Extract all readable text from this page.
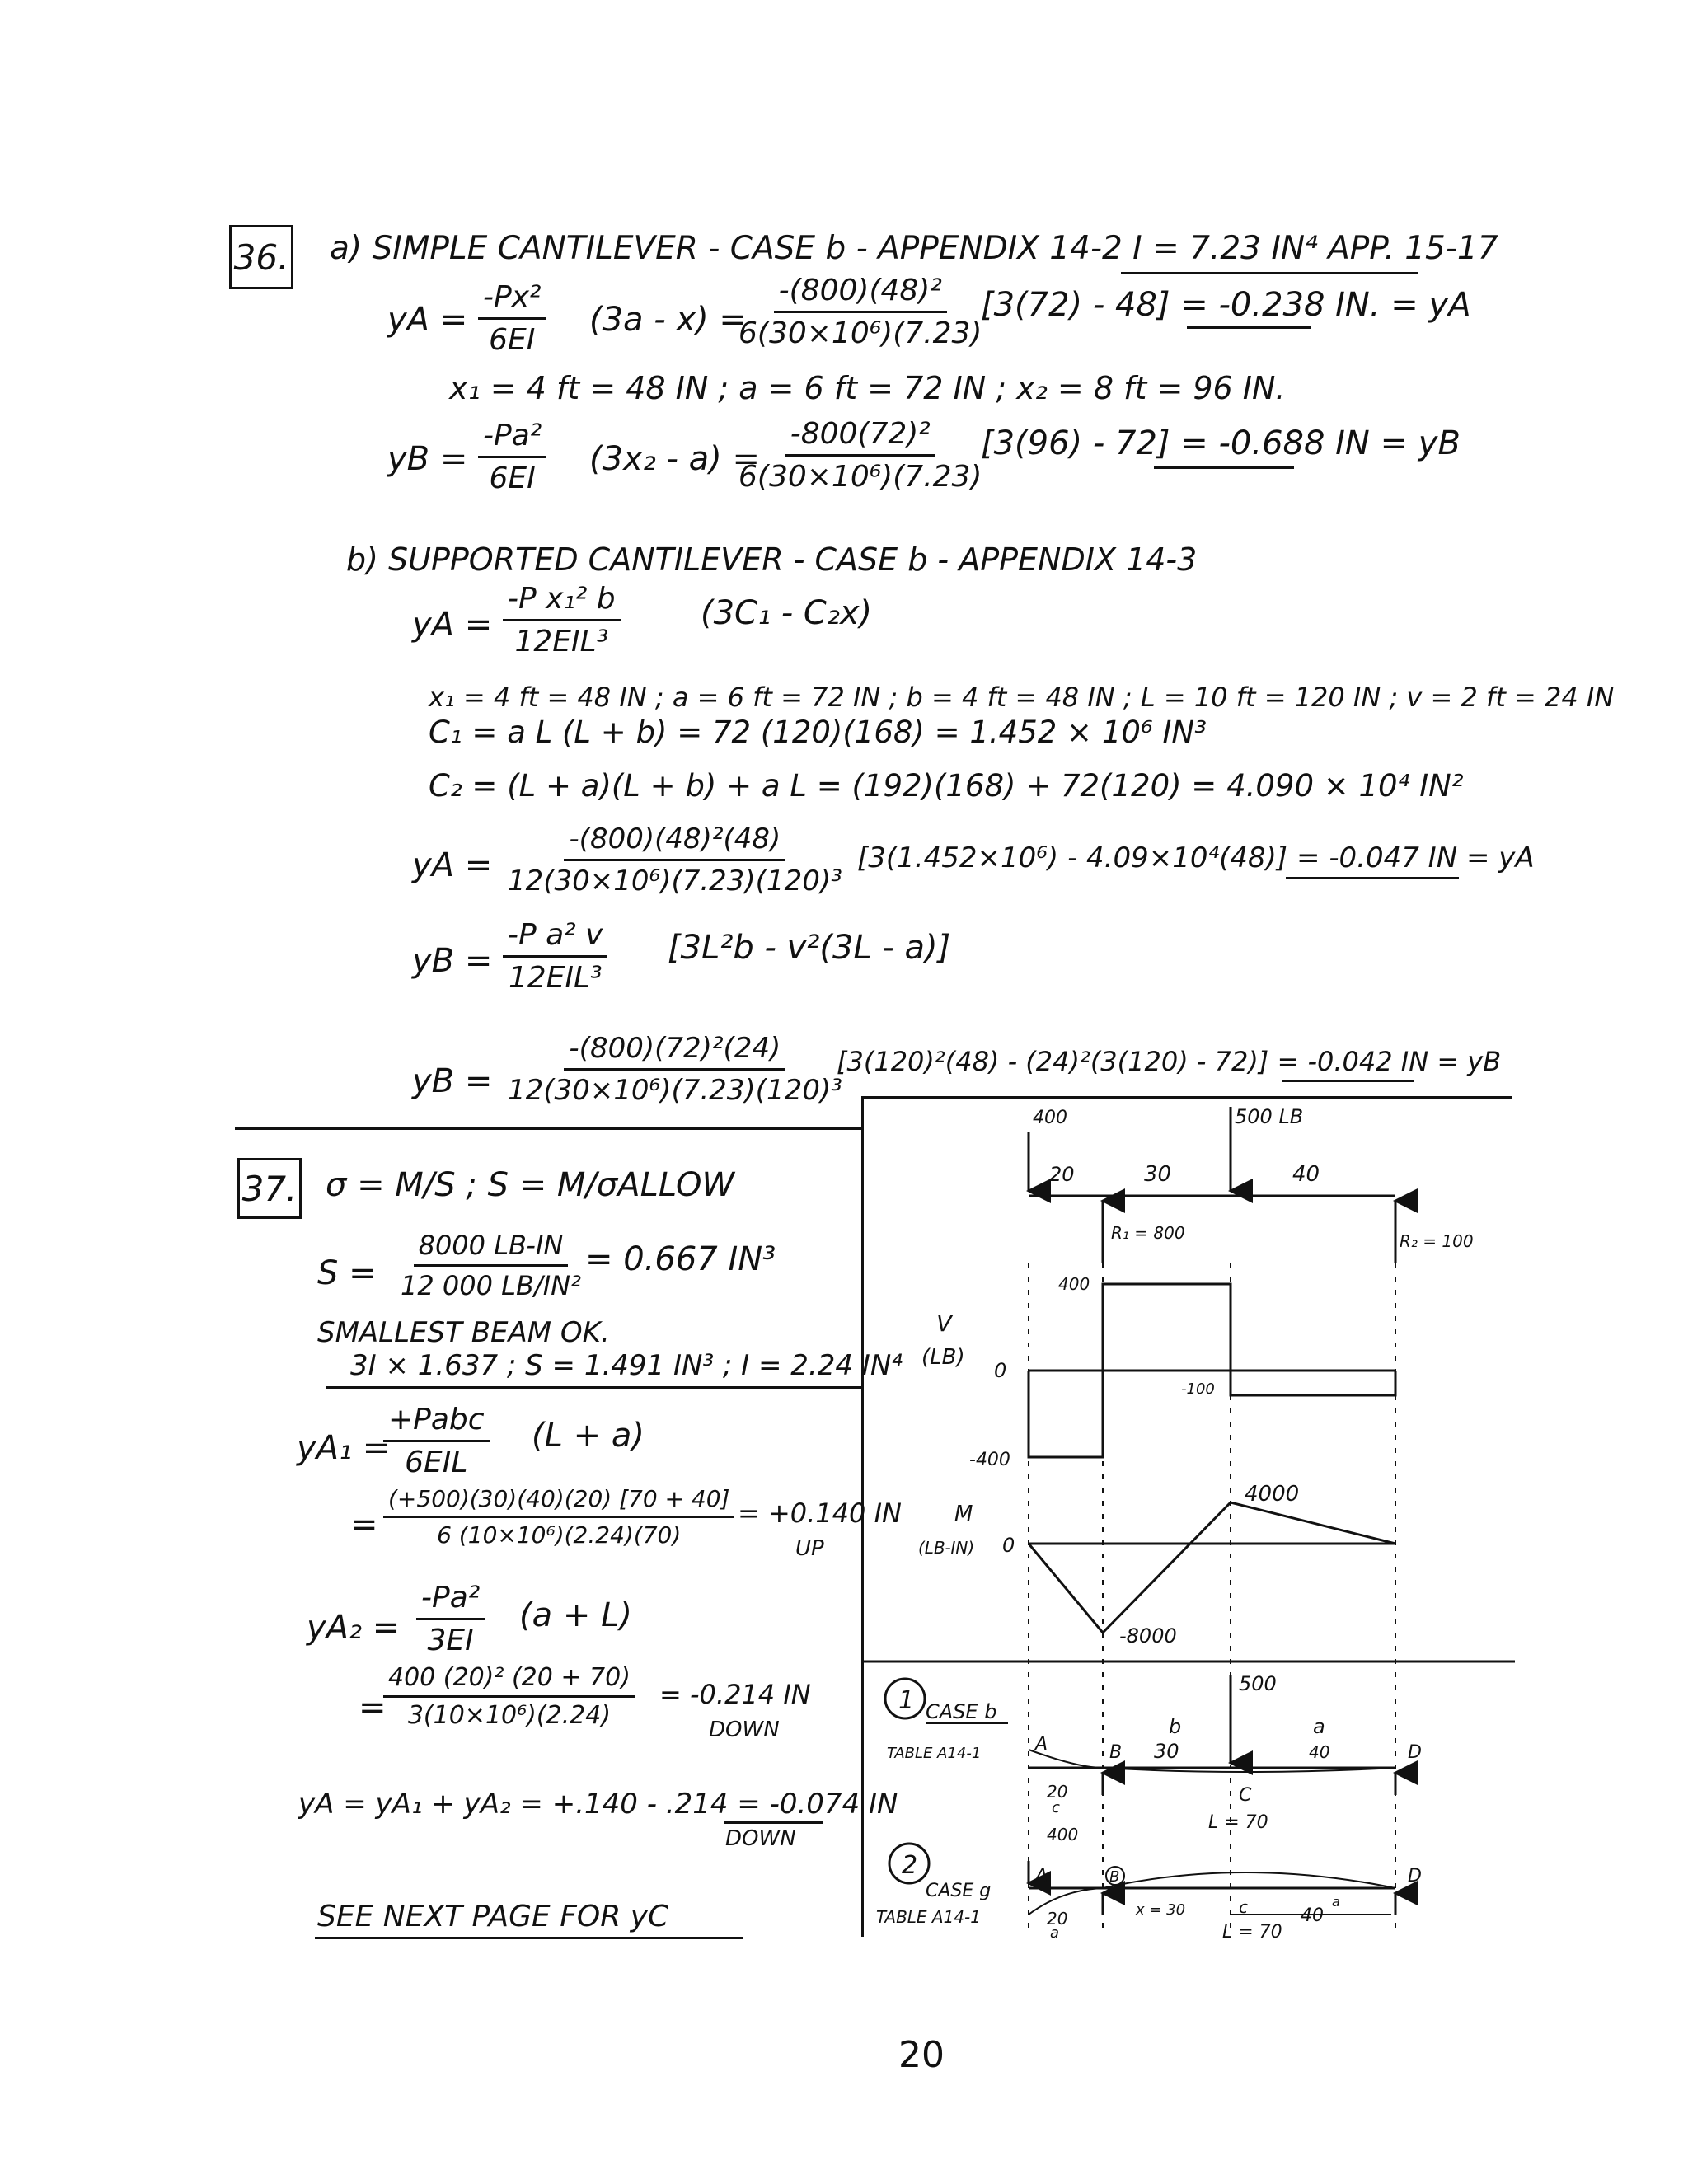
36. a) SIMPLE CANTILEVER - CASE b - APPENDIX 14-2 I = 7.23 IN⁴ APP. 15-17
yA = $\frac{\text{-Px²}}{6EI} (3a - x)$ =
$\frac{\text{-(800)(48)²}}{\text{6(30×10⁶)(7.23)}}$
[3(72) - 48] = -0.238 IN. = yA
x₁ = 4 ft = 48 IN ; a = 6 ft = 72 IN ; x₂ = 8 ft = 96 IN.
yB = $\frac{\text{-Pa²}}{6EI} (3x_2 - a)$ =
$\frac{\text{-800(72)²}}{\text{6(30×10⁶)(7.23)}}$
[3(96) - 72] = -0.688 IN = yB
b) SUPPORTED CANTILEVER - CASE b - APPENDIX 14-3
yA =
-P x₁² b
12EIL³
(3C₁ - C₂x)
x₁ = 4 ft = 48 IN ; a = 6 ft = 72 IN ; b = 4 ft = 48 IN ; L = 10 ft = 120 IN ; v = 2 ft = 24 IN
C₁ = a L (L + b) = 72 (120)(168) = 1.452 × 10⁶ IN³
C₂ = (L + a)(L + b) + a L = (192)(168) + 72(120) = 4.090 × 10⁴ IN²
yA = $\frac{\text{-(800)(48)²(48)}}{\text{12(30×10⁶)(7.23)(120)³}} [3(1.452\times 10^6) - 4.09\times 10^4(48)] = -0.047$ IN = yA
yB =
-P a² v
12EIL³
[3L²b - v²(3L - a)]
yB = $\frac{\text{-(800)(72)²(24)}}{\text{12(30×10⁶)(7.23)(120)³}}$
[3(120)²(48) - (24)²(3(120) - 72)] = -0.042 IN = yB
37. σ = M/S ; S = M/σALLOW
$S = \frac{8000 LB-IN}{\text{12 000 LB/IN²}} = 0.667$ IN³
SMALLEST BEAM OK.
3I × 1.637 ; S = 1.491 IN³ ; I = 2.24 IN⁴
yA₁ =
+Pabc
6EIL
(L + a)
= $\frac{(+500)(30)(40)(20) [70 + 40]}{\text{6 (10×10⁶)(2.24)(70)}} = +0.140$ IN
UP
$yA_2 = \frac{\text{-Pa²}}{3EI} (a + L)$
=
$\frac{\text{400 (20)² (20 + 70)}}{\text{3(10×10⁶)(2.24)}} = -0.214$ IN
DOWN
yA = yA₁ + yA₂ = +.140 - .214 = -0.074 IN
DOWN
SEE NEXT PAGE FOR yC
400	500 LB
20	30	40
R₁ = 800	R₂ = 100
V
(LB)
0
400
-400
-100
M
(LB-IN) 0
4000
-8000
1 CASE b
TABLE A14-1
500
A	B
b
30
a
40	D
20
c
400
C
L = 70
2
CASE g
TABLE A14-1
A	B
x = 30	c	40
a
D
20
a	L = 70
20
